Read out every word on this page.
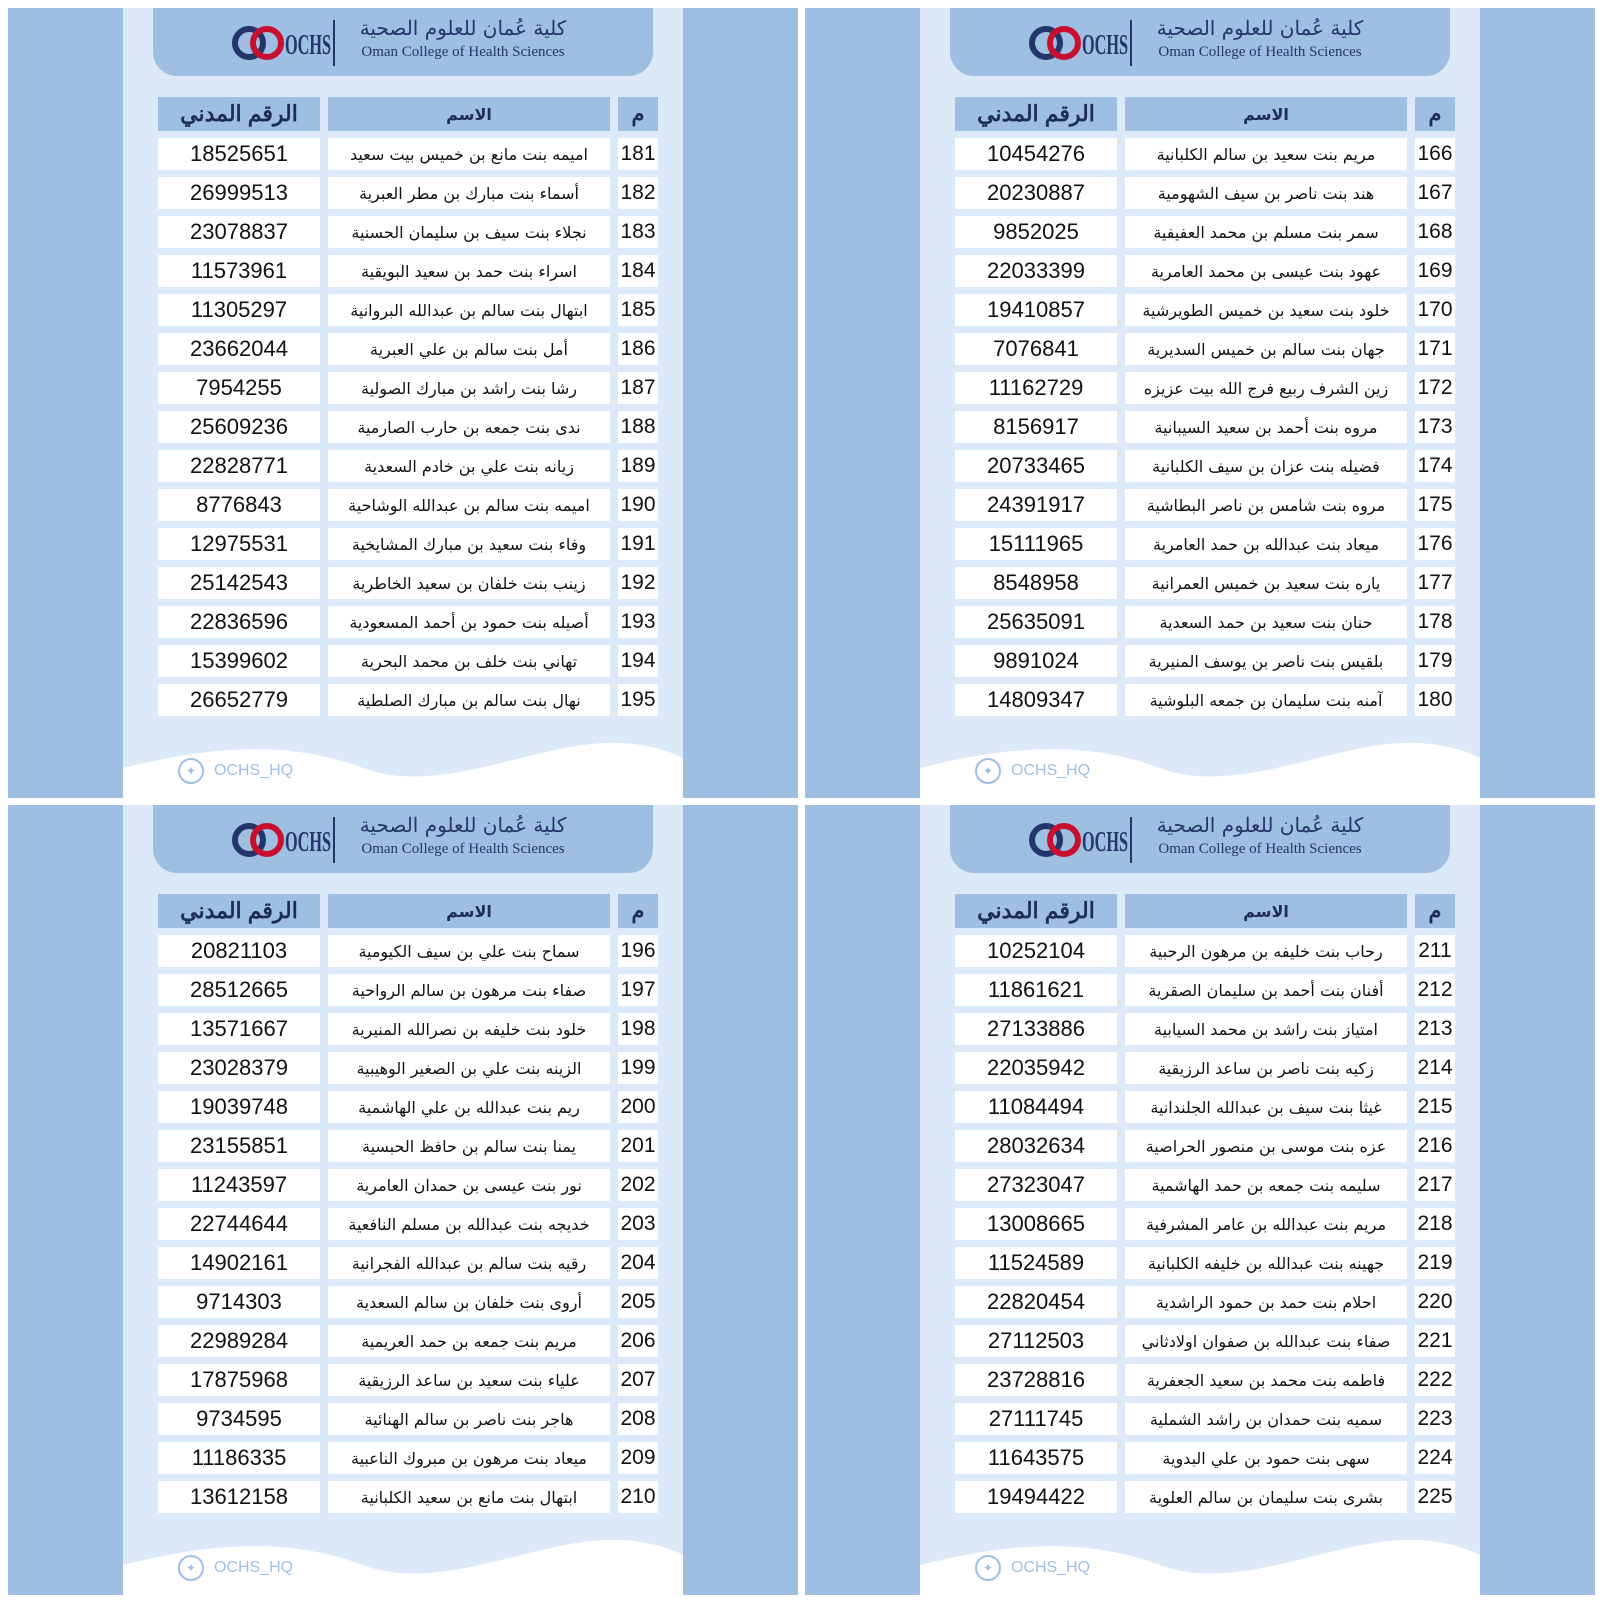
OCHS
كلية عُمان للعلوم الصحية
Oman College of Health Sciences
م	الاسم	الرقم المدني
166	مريم بنت سعيد بن سالم الكلبانية	10454276
167	هند بنت ناصر بن سيف الشهومية	20230887
168	سمر بنت مسلم بن محمد العفيفية	9852025
169	عهود بنت عيسى بن محمد العامرية	22033399
170	خلود بنت سعيد بن خميس الطويرشية	19410857
171	جهان بنت سالم بن خميس السديرية	7076841
172	زين الشرف ربيع فرج الله بيت عزيزه	11162729
173	مروه بنت أحمد بن سعيد السيبانية	8156917
174	فضيله بنت عزان بن سيف الكلبانية	20733465
175	مروه بنت شامس بن ناصر البطاشية	24391917
176	ميعاد بنت عبدالله بن حمد العامرية	15111965
177	ياره بنت سعيد بن خميس العمرانية	8548958
178	حنان بنت سعيد بن حمد السعدية	25635091
179	بلقيس بنت ناصر بن يوسف المنيرية	9891024
180	آمنه بنت سليمان بن جمعه البلوشية	14809347
✦	OCHS_HQ
OCHS
كلية عُمان للعلوم الصحية
Oman College of Health Sciences
م	الاسم	الرقم المدني
181	اميمه بنت مانع بن خميس بيت سعيد	18525651
182	أسماء بنت مبارك بن مطر العبرية	26999513
183	نجلاء بنت سيف بن سليمان الحسنية	23078837
184	اسراء بنت حمد بن سعيد البويقية	11573961
185	ابتهال بنت سالم بن عبدالله البروانية	11305297
186	أمل بنت سالم بن علي العبرية	23662044
187	رشا بنت راشد بن مبارك الصولية	7954255
188	ندى بنت جمعه بن حارب الصارمية	25609236
189	زيانه بنت علي بن خادم السعدية	22828771
190	اميمه بنت سالم بن عبدالله الوشاحية	8776843
191	وفاء بنت سعيد بن مبارك المشايخية	12975531
192	زينب بنت خلفان بن سعيد الخاطرية	25142543
193	أصيله بنت حمود بن أحمد المسعودية	22836596
194	تهاني بنت خلف بن محمد البحرية	15399602
195	نهال بنت سالم بن مبارك الصلطية	26652779
✦	OCHS_HQ
OCHS
كلية عُمان للعلوم الصحية
Oman College of Health Sciences
م	الاسم	الرقم المدني
211	رحاب بنت خليفه بن مرهون الرحبية	10252104
212	أفنان بنت أحمد بن سليمان الصقرية	11861621
213	امتياز بنت راشد بن محمد السيابية	27133886
214	زكيه بنت ناصر بن ساعد الرزيقية	22035942
215	غيثا بنت سيف بن عبدالله الجلندانية	11084494
216	عزه بنت موسى بن منصور الحراصية	28032634
217	سليمه بنت جمعه بن حمد الهاشمية	27323047
218	مريم بنت عبدالله بن عامر المشرفية	13008665
219	جهينه بنت عبدالله بن خليفه الكلبانية	11524589
220	احلام بنت حمد بن حمود الراشدية	22820454
221	صفاء بنت عبدالله بن صفوان اولادثاني	27112503
222	فاطمه بنت محمد بن سعيد الجعفرية	23728816
223	سميه بنت حمدان بن راشد الشملية	27111745
224	سهى بنت حمود بن علي البدوية	11643575
225	بشرى بنت سليمان بن سالم العلوية	19494422
✦	OCHS_HQ
OCHS
كلية عُمان للعلوم الصحية
Oman College of Health Sciences
م	الاسم	الرقم المدني
196	سماح بنت علي بن سيف الكيومية	20821103
197	صفاء بنت مرهون بن سالم الرواحية	28512665
198	خلود بنت خليفه بن نصرالله المنيرية	13571667
199	الزينه بنت علي بن الصغير الوهيبية	23028379
200	ريم بنت عبدالله بن علي الهاشمية	19039748
201	يمنا بنت سالم بن حافظ الحبسية	23155851
202	نور بنت عيسى بن حمدان العامرية	11243597
203	خديجه بنت عبدالله بن مسلم النافعية	22744644
204	رقيه بنت سالم بن عبدالله الفجرانية	14902161
205	أروى بنت خلفان بن سالم السعدية	9714303
206	مريم بنت جمعه بن حمد العريمية	22989284
207	علياء بنت سعيد بن ساعد الرزيقية	17875968
208	هاجر بنت ناصر بن سالم الهنائية	9734595
209	ميعاد بنت مرهون بن مبروك الناعبية	11186335
210	ابتهال بنت مانع بن سعيد الكلبانية	13612158
✦	OCHS_HQ
